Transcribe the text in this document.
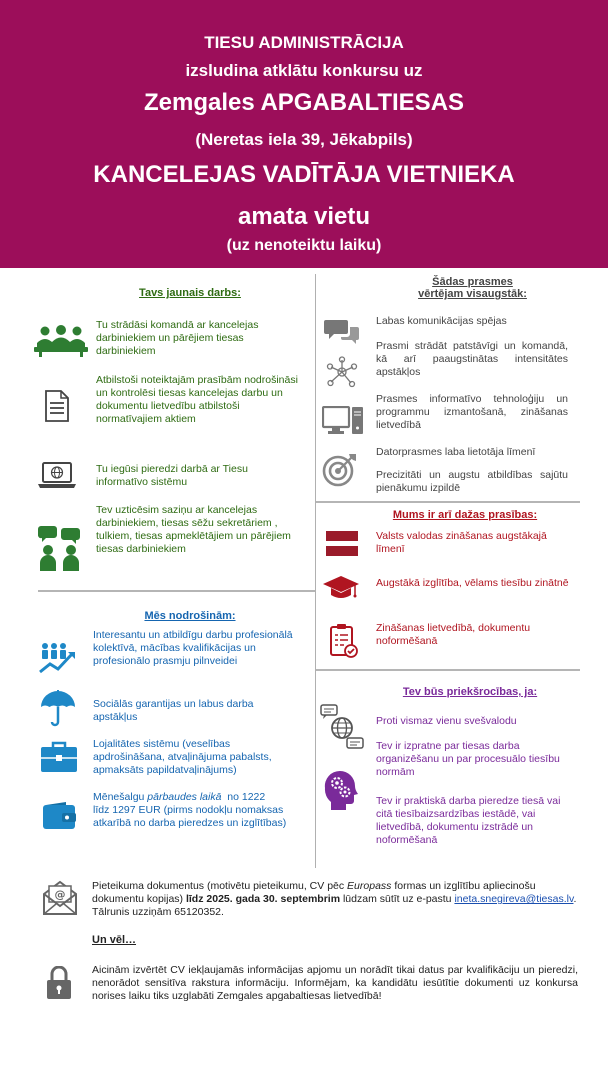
TIESU ADMINISTRĀCIJA
izsludina atklātu konkursu uz
Zemgales APGABALTIESAS
(Neretas iela 39, Jēkabpils)
KANCELEJAS VADĪTĀJA VIETNIEKA
amata vietu
(uz nenoteiktu laiku)
Tavs jaunais darbs:
Tu strādāsi komandā ar kancelejas darbiniekiem un pārējiem tiesas darbiniekiem
Atbilstoši noteiktajām prasībām nodrošināsi un kontrolēsi tiesas kancelejas darbu un dokumentu lietvedību atbilstoši normatīvajiem aktiem
Tu iegūsi pieredzi darbā ar Tiesu informatīvo sistēmu
Tev uzticēsim saziņu ar kancelejas darbiniekiem, tiesas sēžu sekretāriem , tulkiem, tiesas apmeklētājiem un pārējiem tiesas darbiniekiem
Mēs nodrošinām:
Interesantu un atbildīgu darbu profesionālā kolektīvā, mācības kvalifikācijas un profesionālo prasmju pilnveidei
Sociālās garantijas un labus darba apstākļus
Lojalitātes sistēmu (veselības apdrošināšana, atvaļinājuma pabalsts, apmaksāts papildatvaļinājums)
Mēnešalgu pārbaudes laikā  no 1222
līdz 1297 EUR (pirms nodokļu nomaksas atkarībā no darba pieredzes un izglītības)
Šādas prasmes
vērtējam visaugstāk:
Labas komunikācijas spējas
Prasmi strādāt patstāvīgi un komandā, kā arī paaugstinātas intensitātes apstākļos
Prasmes informatīvo tehnoloģiju un programmu izmantošanā, zināšanas lietvedībā
Datorprasmes laba lietotāja līmenī
Precizitāti un augstu atbildības sajūtu pienākumu izpildē
Mums ir arī dažas prasības:
Valsts valodas zināšanas augstākajā līmenī
Augstākā izglītība, vēlams tiesību zinātnē
Zināšanas lietvedībā, dokumentu noformēšanā
Tev būs priekšrocības, ja:
Proti vismaz vienu svešvalodu
Tev ir izpratne par tiesas darba organizēšanu un par procesuālo tiesību normām
Tev ir praktiskā darba pieredze tiesā vai citā tiesībaizsardzības iestādē, vai lietvedībā, dokumentu izstrādē un noformēšanā
@
Pieteikuma dokumentus (motivētu pieteikumu, CV pēc Europass formas un izglītību apliecinošu dokumentu kopijas) līdz 2025. gada 30. septembrim lūdzam sūtīt uz e-pastu ineta.snegireva@tiesas.lv. Tālrunis uzziņām 65120352.
Un vēl…
Aicinām izvērtēt CV iekļaujamās informācijas apjomu un norādīt tikai datus par kvalifikāciju un pieredzi, nenorādot sensitīva rakstura informāciju. Informējam, ka kandidātu iesūtītie dokumenti uz konkursa norises laiku tiks uzglabāti Zemgales apgabaltiesas lietvedībā!
